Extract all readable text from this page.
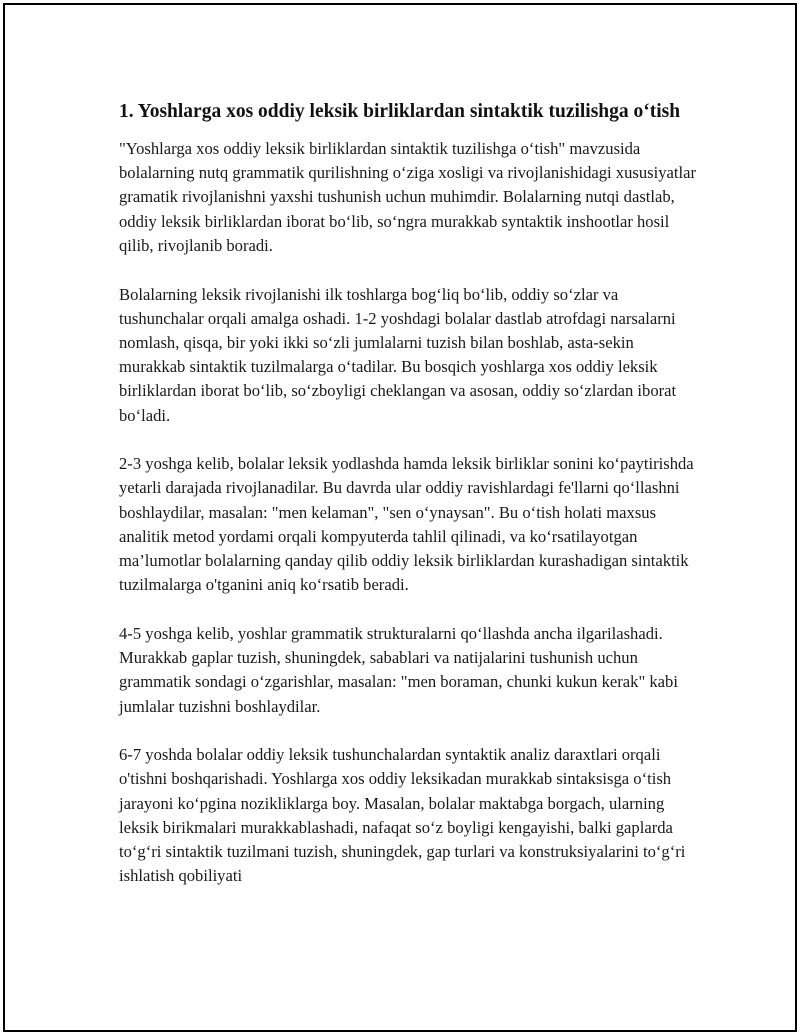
1. Yoshlarga xos oddiy leksik birliklardan sintaktik tuzilishga o‘tish

"Yoshlarga xos oddiy leksik birliklardan sintaktik tuzilishga o‘tish" mavzusida bolalarning nutq grammatik qurilishning o‘ziga xosligi va rivojlanishidagi xususiyatlar gramatik rivojlanishni yaxshi tushunish uchun muhimdir. Bolalarning nutqi dastlab, oddiy leksik birliklardan iborat bo‘lib, so‘ngra murakkab syntaktik inshootlar hosil qilib, rivojlanib boradi.

Bolalarning leksik rivojlanishi ilk toshlarga bog‘liq bo‘lib, oddiy so‘zlar va tushunchalar orqali amalga oshadi. 1-2 yoshdagi bolalar dastlab atrofdagi narsalarni nomlash, qisqa, bir yoki ikki so‘zli jumlalarni tuzish bilan boshlab, asta-sekin murakkab sintaktik tuzilmalarga o‘tadilar. Bu bosqich yoshlarga xos oddiy leksik birliklardan iborat bo‘lib, so‘zboyligi cheklangan va asosan, oddiy so‘zlardan iborat bo‘ladi.

2-3 yoshga kelib, bolalar leksik yodlashda hamda leksik birliklar sonini ko‘paytirishda yetarli darajada rivojlanadilar. Bu davrda ular oddiy ravishlardagi fe'llarni qo‘llashni boshlaydilar, masalan: "men kelaman", "sen o‘ynaysan". Bu o‘tish holati maxsus analitik metod yordami orqali kompyuterda tahlil qilinadi, va ko‘rsatilayotgan ma’lumotlar bolalarning qanday qilib oddiy leksik birliklardan kurashadigan sintaktik tuzilmalarga o'tganini aniq ko‘rsatib beradi.

4-5 yoshga kelib, yoshlar grammatik strukturalarni qo‘llashda ancha ilgarilashadi. Murakkab gaplar tuzish, shuningdek, sabablari va natijalarini tushunish uchun grammatik sondagi o‘zgarishlar, masalan: "men boraman, chunki kukun kerak" kabi jumlalar tuzishni boshlaydilar.

6-7 yoshda bolalar oddiy leksik tushunchalardan syntaktik analiz daraxtlari orqali o'tishni boshqarishadi. Yoshlarga xos oddiy leksikadan murakkab sintaksisga o‘tish jarayoni ko‘pgina nozikliklarga boy. Masalan, bolalar maktabga borgach, ularning leksik birikmalari murakkablashadi, nafaqat so‘z boyligi kengayishi, balki gaplarda to‘g‘ri sintaktik tuzilmani tuzish, shuningdek, gap turlari va konstruksiyalarini to‘g‘ri ishlatish qobiliyati
